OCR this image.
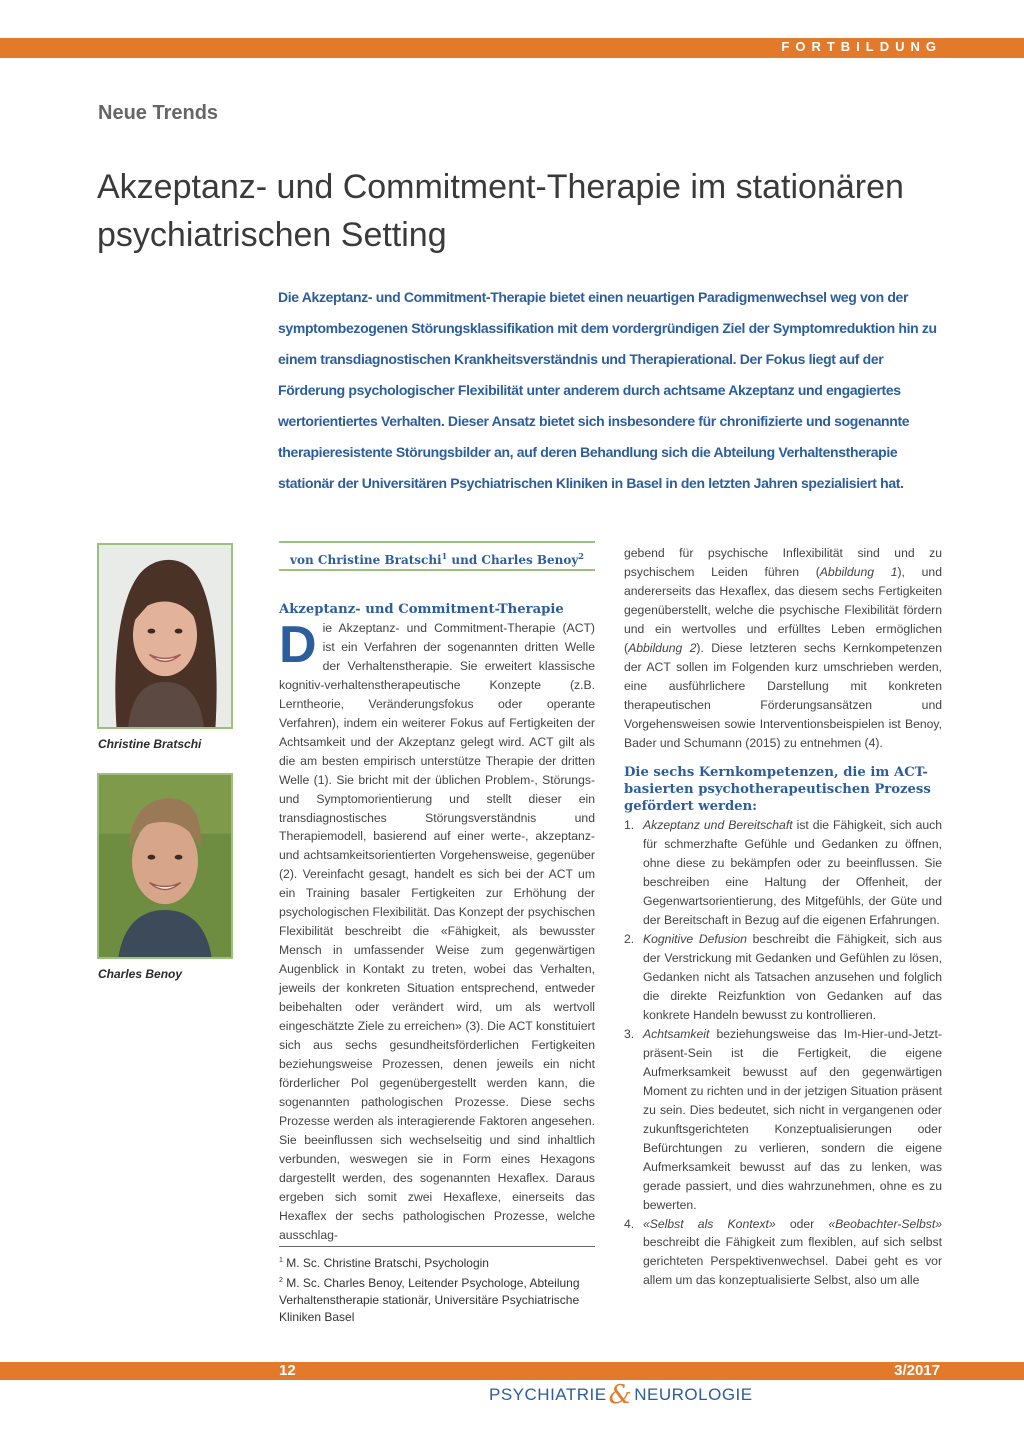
FORTBILDUNG
Neue Trends
Akzeptanz- und Commitment-Therapie im stationären psychiatrischen Setting
Die Akzeptanz- und Commitment-Therapie bietet einen neuartigen Paradigmenwechsel weg von der symptombezogenen Störungsklassifikation mit dem vordergründigen Ziel der Symptomreduktion hin zu einem transdiagnostischen Krankheitsverständnis und Therapierational. Der Fokus liegt auf der Förderung psychologischer Flexibilität unter anderem durch achtsame Akzeptanz und engagiertes wertorientiertes Verhalten. Dieser Ansatz bietet sich insbesondere für chronifizierte und sogenannte therapieresistente Störungsbilder an, auf deren Behandlung sich die Abteilung Verhaltenstherapie stationär der Universitären Psychiatrischen Kliniken in Basel in den letzten Jahren spezialisiert hat.
Christine Bratschi
Charles Benoy
von Christine Bratschi$^1$ und Charles Benoy$^2$
Akzeptanz- und Commitment-Therapie

Die Akzeptanz- und Commitment-Therapie (ACT) ist ein Verfahren der sogenannten dritten Welle der Verhaltenstherapie. Sie erweitert klassische kognitiv-verhaltenstherapeutische Konzepte (z.B. Lerntheorie, Veränderungsfokus oder operante Verfahren), indem ein weiterer Fokus auf Fertigkeiten der Achtsamkeit und der Akzeptanz gelegt wird. ACT gilt als die am besten empirisch unterstütze Therapie der dritten Welle (1). Sie bricht mit der üblichen Problem-, Störungs- und Symptomorientierung und stellt dieser ein transdiagnostisches Störungsverständnis und Therapiemodell, basierend auf einer werte-, akzeptanz- und achtsamkeitsorientierten Vorgehensweise, gegenüber (2). Vereinfacht gesagt, handelt es sich bei der ACT um ein Training basaler Fertigkeiten zur Erhöhung der psychologischen Flexibilität. Das Konzept der psychischen Flexibilität beschreibt die «Fähigkeit, als bewusster Mensch in umfassender Weise zum gegenwärtigen Augenblick in Kontakt zu treten, wobei das Verhalten, jeweils der konkreten Situation entsprechend, entweder beibehalten oder verändert wird, um als wertvoll eingeschätzte Ziele zu erreichen» (3). Die ACT konstituiert sich aus sechs gesundheitsförderlichen Fertigkeiten beziehungsweise Prozessen, denen jeweils ein nicht förderlicher Pol gegenübergestellt werden kann, die sogenannten pathologischen Prozesse. Diese sechs Prozesse werden als interagierende Faktoren angesehen. Sie beeinflussen sich wechselseitig und sind inhaltlich verbunden, weswegen sie in Form eines Hexagons dargestellt werden, des sogenannten Hexaflex. Daraus ergeben sich somit zwei Hexaflexe, einerseits das Hexaflex der sechs pathologischen Prozesse, welche ausschlag-

gebend für psychische Inflexibilität sind und zu psychischem Leiden führen (Abbildung 1), und andererseits das Hexaflex, das diesem sechs Fertigkeiten gegenüberstellt, welche die psychische Flexibilität fördern und ein wertvolles und erfülltes Leben ermöglichen (Abbildung 2). Diese letzteren sechs Kernkompetenzen der ACT sollen im Folgenden kurz umschrieben werden, eine ausführlichere Darstellung mit konkreten therapeutischen Förderungsansätzen und Vorgehensweisen sowie Interventionsbeispielen ist Benoy, Bader und Schumann (2015) zu entnehmen (4).

Die sechs Kernkompetenzen, die im ACT-basierten psychotherapeutischen Prozess gefördert werden:
1. Akzeptanz und Bereitschaft ist die Fähigkeit, sich auch für schmerzhafte Gefühle und Gedanken zu öffnen, ohne diese zu bekämpfen oder zu beeinflussen. Sie beschreiben eine Haltung der Offenheit, der Gegenwartsorientierung, des Mitgefühls, der Güte und der Bereitschaft in Bezug auf die eigenen Erfahrungen.
2. Kognitive Defusion beschreibt die Fähigkeit, sich aus der Verstrickung mit Gedanken und Gefühlen zu lösen, Gedanken nicht als Tatsachen anzusehen und folglich die direkte Reizfunktion von Gedanken auf das konkrete Handeln bewusst zu kontrollieren.
3. Achtsamkeit beziehungsweise das Im-Hier-und-Jetzt-präsent-Sein ist die Fertigkeit, die eigene Aufmerksamkeit bewusst auf den gegenwärtigen Moment zu richten und in der jetzigen Situation präsent zu sein. Dies bedeutet, sich nicht in vergangenen oder zukunftsgerichteten Konzeptualisierungen oder Befürchtungen zu verlieren, sondern die eigene Aufmerksamkeit bewusst auf das zu lenken, was gerade passiert, und dies wahrzunehmen, ohne es zu bewerten.
4. «Selbst als Kontext» oder «Beobachter-Selbst» beschreibt die Fähigkeit zum flexiblen, auf sich selbst gerichteten Perspektivenwechsel. Dabei geht es vor allem um das konzeptualisierte Selbst, also um alle
$^1$ M. Sc. Christine Bratschi, Psychologin
$^2$ M. Sc. Charles Benoy, Leitender Psychologe, Abteilung Verhaltenstherapie stationär, Universitäre Psychiatrische Kliniken Basel
12	3/2017
PSYCHIATRIE& NEUROLOGIE
